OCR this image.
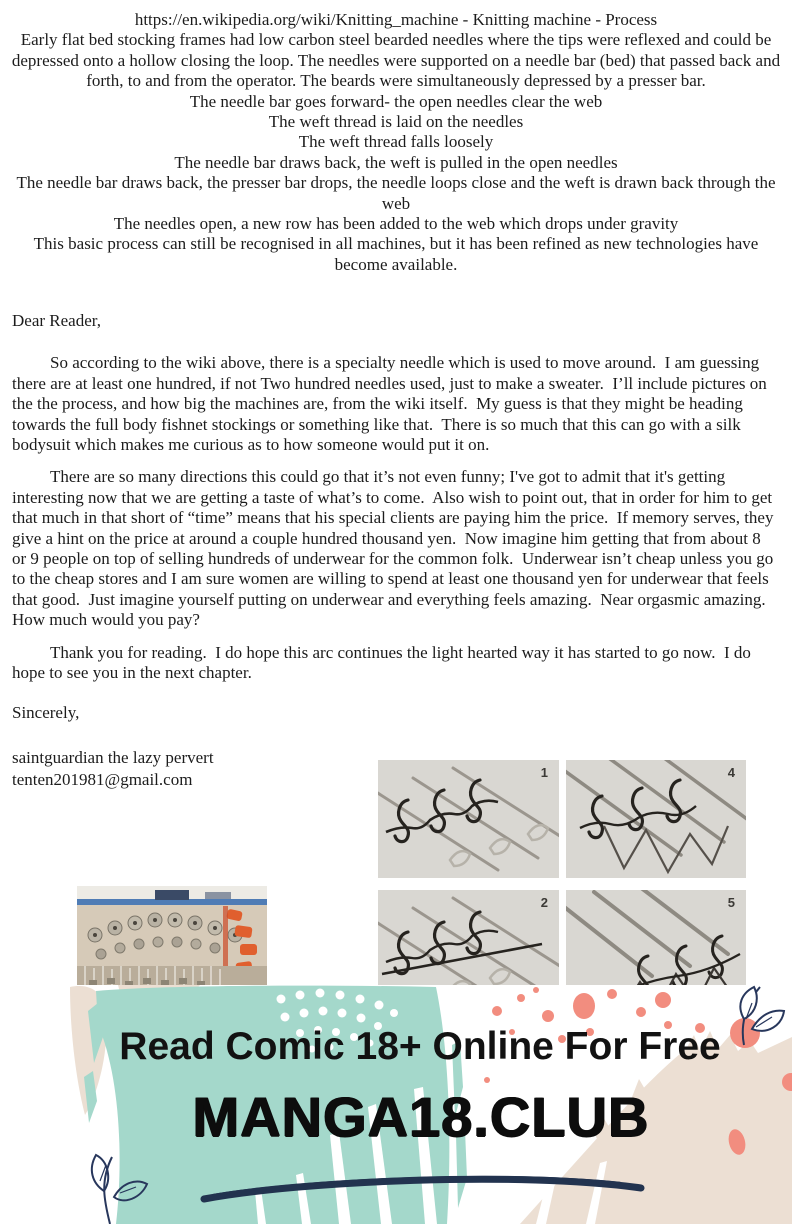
https://en.wikipedia.org/wiki/Knitting_machine - Knitting machine - Process
Early flat bed stocking frames had low carbon steel bearded needles where the tips were reflexed and could be depressed onto a hollow closing the loop. The needles were supported on a needle bar (bed) that passed back and forth, to and from the operator. The beards were simultaneously depressed by a presser bar.
The needle bar goes forward- the open needles clear the web
The weft thread is laid on the needles
The weft thread falls loosely
The needle bar draws back, the weft is pulled in the open needles
The needle bar draws back, the presser bar drops, the needle loops close and the weft is drawn back through the web
The needles open, a new row has been added to the web which drops under gravity
This basic process can still be recognised in all machines, but it has been refined as new technologies have become available.
Dear Reader,

So according to the wiki above, there is a specialty needle which is used to move around.  I am guessing there are at least one hundred, if not Two hundred needles used, just to make a sweater.  I’ll include pictures on the the process, and how big the machines are, from the wiki itself.  My guess is that they might be heading towards the full body fishnet stockings or something like that.  There is so much that this can go with a silk bodysuit which makes me curious as to how someone would put it on.

There are so many directions this could go that it’s not even funny; I've got to admit that it's getting interesting now that we are getting a taste of what’s to come.  Also wish to point out, that in order for him to get that much in that short of “time” means that his special clients are paying him the price.  If memory serves, they give a hint on the price at around a couple hundred thousand yen.  Now imagine him getting that from about 8 or 9 people on top of selling hundreds of underwear for the common folk.  Underwear isn’t cheap unless you go to the cheap stores and I am sure women are willing to spend at least one thousand yen for underwear that feels that good.  Just imagine yourself putting on underwear and everything feels amazing.  Near orgasmic amazing.  How much would you pay?

Thank you for reading.  I do hope this arc continues the light hearted way it has started to go now.  I do hope to see you in the next chapter.

Sincerely,
saintguardian the lazy pervert
tenten201981@gmail.com	1	4
2	5
Read Comic 18+ Online For Free
MANGA18.CLUB
